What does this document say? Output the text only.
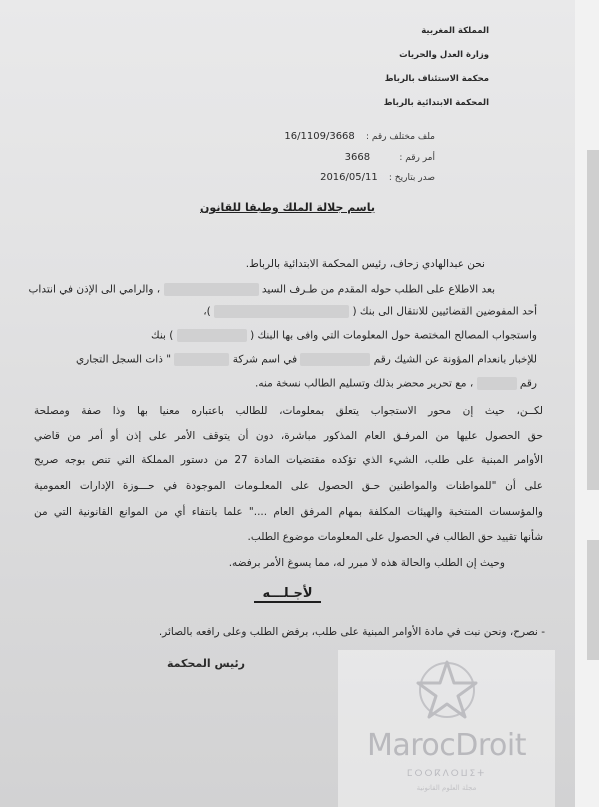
المملكة المغربية
وزارة العدل والحريات
محكمة الاستئناف بالرباط
المحكمة الابتدائية بالرباط
ملف مختلف رقم : 16/1109/3668
أمر رقم : 3668
صدر بتاريخ : 2016/05/11
باسم جلالة الملك وطبقا للقانون
نحن عبدالهادي زحاف، رئيس المحكمة الابتدائية بالرباط.
بعد الاطلاع على الطلب حوله المقدم من طـرف السيد  ، والرامي الى الإذن في انتداب
أحد المفوضين القضائيين للانتقال الى بنك (  )،
واستجواب المصالح المختصة حول المعلومات التي وافى بها البنك (  ) بنك
للإخبار بانعدام المؤونة عن الشيك رقم  في اسم شركة  " ذات السجل التجاري
رقم  ، مع تحرير محضر بذلك وتسليم الطالب نسخة منه.
لكــن، حيث إن محور الاستجواب يتعلق بمعلومات، للطالب باعتباره معنيا بها وذا صفة ومصلحة
حق الحصول عليها من المرفـق العام المذكور مباشرة، دون أن يتوقف الأمر على إذن أو أمر من قاضي
الأوامر المبنية على طلب، الشيء الذي تؤكده مقتضيات المادة 27 من دستور المملكة التي تنص بوجه صريح
على أن "للمواطنات والمواطنين حـق الحصول على المعلـومات الموجودة في حـــوزة الإدارات العمومية
والمؤسسات المنتخبة والهيئات المكلفة بمهام المرفق العام ...." علما بانتفاء أي من الموانع القانونية التي من
شأنها تقييد حق الطالب في الحصول على المعلومات موضوع الطلب.
وحيث إن الطلب والحالة هذه لا مبرر له، مما يسوغ الأمر برفضه.
لأجـلـــه
- نصرح، ونحن نبت في مادة الأوامر المبنية على طلب، برفض الطلب وعلى رافعه بالصائر.
رئيس المحكمة
MarocDroit
ⵎⵔⵔⴽⴷⵔⵡⵉⵜ
مجلة العلوم القانونية
